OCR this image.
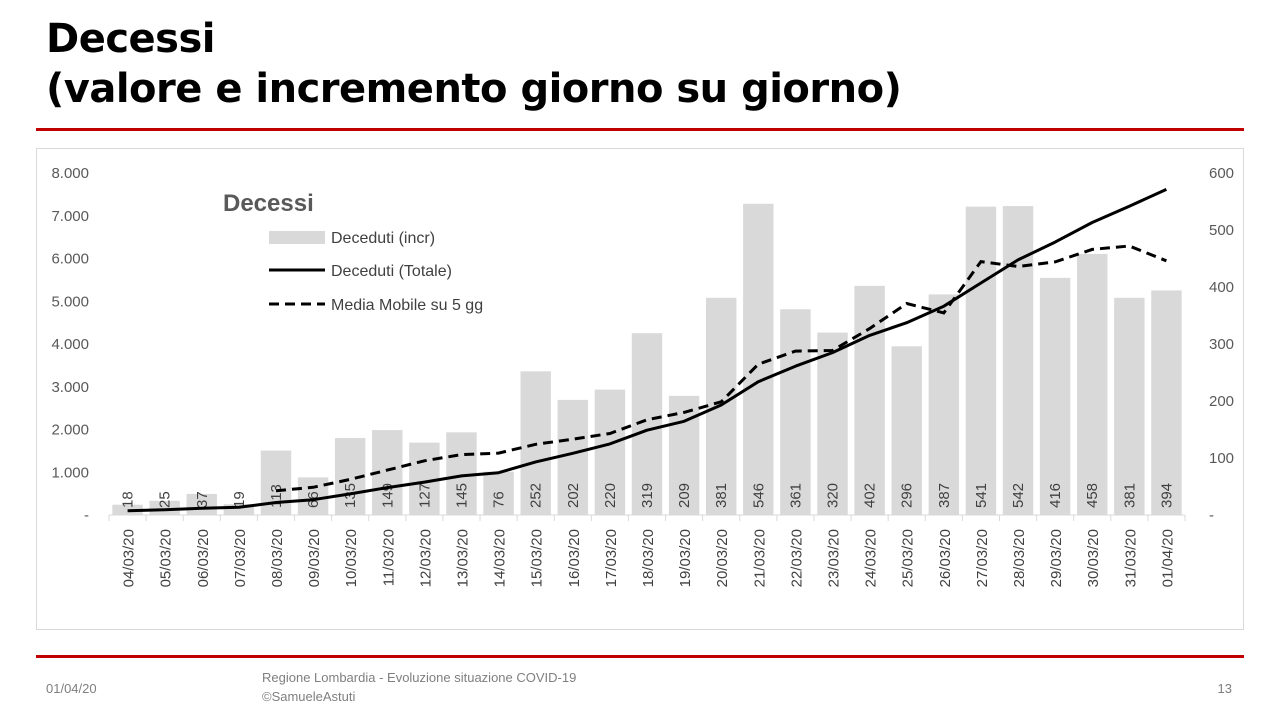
Decessi
(valore e incremento giorno su giorno)
-
1.000
2.000
3.000
4.000
5.000
6.000
7.000
8.000
-
100
200
300
400
500
600
18 25 37 19 113 66 135 149 127 145 76 252 202 220 319 209 381 546 361 320 402 296 387 541 542 416 458 381 394
04/03/20 05/03/20 06/03/20 07/03/20 08/03/20 09/03/20 10/03/20 11/03/20 12/03/20 13/03/20 14/03/20 15/03/20 16/03/20 17/03/20 18/03/20 19/03/20 20/03/20 21/03/20 22/03/20 23/03/20 24/03/20 25/03/20 26/03/20 27/03/20 28/03/20 29/03/20 30/03/20 31/03/20 01/04/20
Decessi
Deceduti (incr)
Deceduti (Totale)
Media Mobile su 5 gg
01/04/20
Regione Lombardia - Evoluzione situazione COVID-19
©SamueleAstuti
13
